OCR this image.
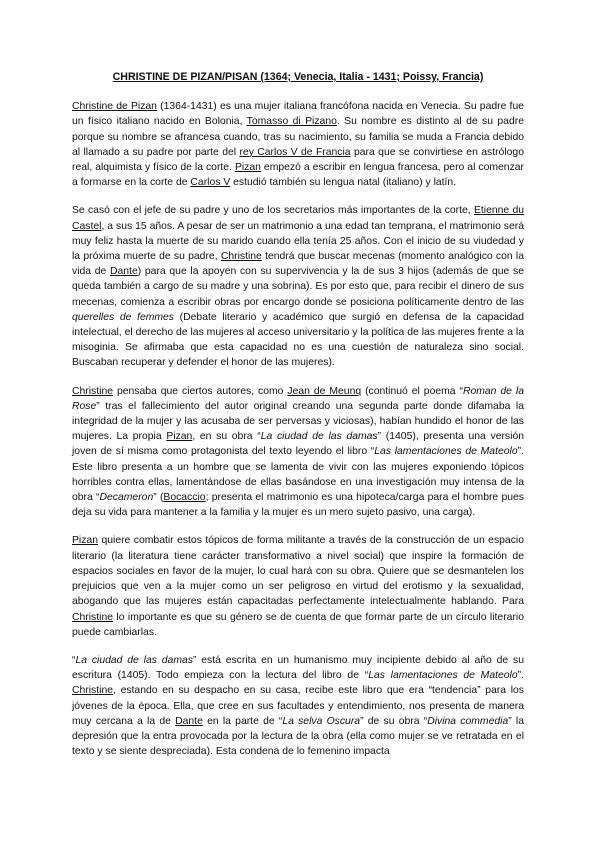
CHRISTINE DE PIZAN/PISAN (1364; Venecia, Italia - 1431; Poissy, Francia)

Christine de Pizan (1364-1431) es una mujer italiana francófona nacida en Venecia. Su padre fue un físico italiano nacido en Bolonia, Tomasso di Pizano. Su nombre es distinto al de su padre porque su nombre se afrancesa cuando, tras su nacimiento, su familia se muda a Francia debido al llamado a su padre por parte del rey Carlos V de Francia para que se convirtiese en astrólogo real, alquimista y físico de la corte. Pizan empezó a escribir en lengua francesa, pero al comenzar a formarse en la corte de Carlos V estudió también su lengua natal (italiano) y latín.

Se casó con el jefe de su padre y uno de los secretarios más importantes de la corte, Etienne du Castel, a sus 15 años. A pesar de ser un matrimonio a una edad tan temprana, el matrimonio será muy feliz hasta la muerte de su marido cuando ella tenía 25 años. Con el inicio de su viudedad y la próxima muerte de su padre, Christine tendrá que buscar mecenas (momento analógico con la vida de Dante) para que la apoyen con su supervivencia y la de sus 3 hijos (además de que se queda también a cargo de su madre y una sobrina). Es por esto que, para recibir el dinero de sus mecenas, comienza a escribir obras por encargo donde se posiciona políticamente dentro de las querelles de femmes (Debate literario y académico que surgió en defensa de la capacidad intelectual, el derecho de las mujeres al acceso universitario y la política de las mujeres frente a la misoginia. Se afirmaba que esta capacidad no es una cuestión de naturaleza sino social. Buscaban recuperar y defender el honor de las mujeres).

Christine pensaba que ciertos autores, como Jean de Meunq (continuó el poema “Roman de la Rose” tras el fallecimiento del autor original creando una segunda parte donde difamaba la integridad de la mujer y las acusaba de ser perversas y viciosas), habían hundido el honor de las mujeres. La propia Pizan, en su obra “La ciudad de las damas” (1405), presenta una versión joven de sí misma como protagonista del texto leyendo el libro “Las lamentaciones de Mateolo”. Este libro presenta a un hombre que se lamenta de vivir con las mujeres exponiendo tópicos horribles contra ellas, lamentándose de ellas basándose en una investigación muy intensa de la obra “Decameron” (Bocaccio; presenta el matrimonio es una hipoteca/carga para el hombre pues deja su vida para mantener a la familia y la mujer es un mero sujeto pasivo, una carga).

Pizan quiere combatir estos tópicos de forma militante a través de la construcción de un espacio literario (la literatura tiene carácter transformativo a nivel social) que inspire la formación de espacios sociales en favor de la mujer, lo cual hará con su obra. Quiere que se desmantelen los prejuicios que ven a la mujer como un ser peligroso en virtud del erotismo y la sexualidad, abogando que las mujeres están capacitadas perfectamente intelectualmente hablando. Para Christine lo importante es que su género se de cuenta de que formar parte de un círculo literario puede cambiarlas.

“La ciudad de las damas” está escrita en un humanismo muy incipiente debido al año de su escritura (1405). Todo empieza con la lectura del libro de “Las lamentaciones de Mateolo”. Christine, estando en su despacho en su casa, recibe este libro que era “tendencia” para los jóvenes de la época. Ella, que cree en sus facultades y entendimiento, nos presenta de manera muy cercana a la de Dante en la parte de “La selva Oscura” de su obra “Divina commedia” la depresión que la entra provocada por la lectura de la obra (ella como mujer se ve retratada en el texto y se siente despreciada). Esta condena de lo femenino impacta
